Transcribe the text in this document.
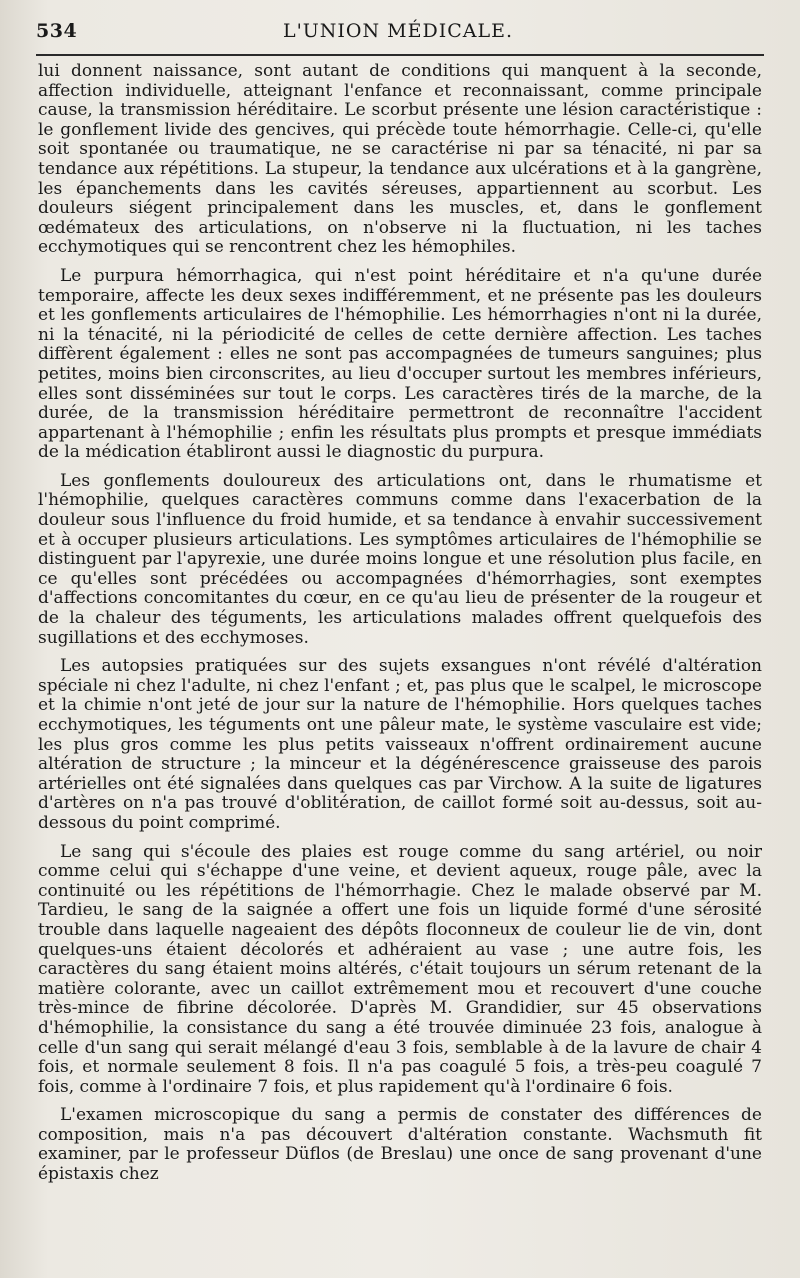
534	L'UNION MÉDICALE.

lui donnent naissance, sont autant de conditions qui manquent à la seconde, affection individuelle, atteignant l'enfance et reconnaissant, comme principale cause, la transmission héréditaire. Le scorbut présente une lésion caractéristique : le gonflement livide des gencives, qui précède toute hémorrhagie. Celle-ci, qu'elle soit spontanée ou traumatique, ne se caractérise ni par sa ténacité, ni par sa tendance aux répétitions. La stupeur, la tendance aux ulcérations et à la gangrène, les épanchements dans les cavités séreuses, appartiennent au scorbut. Les douleurs siégent principalement dans les muscles, et, dans le gonflement œdémateux des articulations, on n'observe ni la fluctuation, ni les taches ecchymotiques qui se rencontrent chez les hémophiles.

Le purpura hémorrhagica, qui n'est point héréditaire et n'a qu'une durée temporaire, affecte les deux sexes indifféremment, et ne présente pas les douleurs et les gonflements articulaires de l'hémophilie. Les hémorrhagies n'ont ni la durée, ni la ténacité, ni la périodicité de celles de cette dernière affection. Les taches diffèrent également : elles ne sont pas accompagnées de tumeurs sanguines; plus petites, moins bien circonscrites, au lieu d'occuper surtout les membres inférieurs, elles sont disséminées sur tout le corps. Les caractères tirés de la marche, de la durée, de la transmission héréditaire permettront de reconnaître l'accident appartenant à l'hémophilie ; enfin les résultats plus prompts et presque immédiats de la médication établiront aussi le diagnostic du purpura.

Les gonflements douloureux des articulations ont, dans le rhumatisme et l'hémophilie, quelques caractères communs comme dans l'exacerbation de la douleur sous l'influence du froid humide, et sa tendance à envahir successivement et à occuper plusieurs articulations. Les symptômes articulaires de l'hémophilie se distinguent par l'apyrexie, une durée moins longue et une résolution plus facile, en ce qu'elles sont précédées ou accompagnées d'hémorrhagies, sont exemptes d'affections concomitantes du cœur, en ce qu'au lieu de présenter de la rougeur et de la chaleur des téguments, les articulations malades offrent quelquefois des sugillations et des ecchymoses.

Les autopsies pratiquées sur des sujets exsangues n'ont révélé d'altération spéciale ni chez l'adulte, ni chez l'enfant ; et, pas plus que le scalpel, le microscope et la chimie n'ont jeté de jour sur la nature de l'hémophilie. Hors quelques taches ecchymotiques, les téguments ont une pâleur mate, le système vasculaire est vide; les plus gros comme les plus petits vaisseaux n'offrent ordinairement aucune altération de structure ; la minceur et la dégénérescence graisseuse des parois artérielles ont été signalées dans quelques cas par Virchow. A la suite de ligatures d'artères on n'a pas trouvé d'oblitération, de caillot formé soit au-dessus, soit au-dessous du point comprimé.

Le sang qui s'écoule des plaies est rouge comme du sang artériel, ou noir comme celui qui s'échappe d'une veine, et devient aqueux, rouge pâle, avec la continuité ou les répétitions de l'hémorrhagie. Chez le malade observé par M. Tardieu, le sang de la saignée a offert une fois un liquide formé d'une sérosité trouble dans laquelle nageaient des dépôts floconneux de couleur lie de vin, dont quelques-uns étaient décolorés et adhéraient au vase ; une autre fois, les caractères du sang étaient moins altérés, c'était toujours un sérum retenant de la matière colorante, avec un caillot extrêmement mou et recouvert d'une couche très-mince de fibrine décolorée. D'après M. Grandidier, sur 45 observations d'hémophilie, la consistance du sang a été trouvée diminuée 23 fois, analogue à celle d'un sang qui serait mélangé d'eau 3 fois, semblable à de la lavure de chair 4 fois, et normale seulement 8 fois. Il n'a pas coagulé 5 fois, a très-peu coagulé 7 fois, comme à l'ordinaire 7 fois, et plus rapidement qu'à l'ordinaire 6 fois.

L'examen microscopique du sang a permis de constater des différences de composition, mais n'a pas découvert d'altération constante. Wachsmuth fit examiner, par le professeur Düflos (de Breslau) une once de sang provenant d'une épistaxis chez
